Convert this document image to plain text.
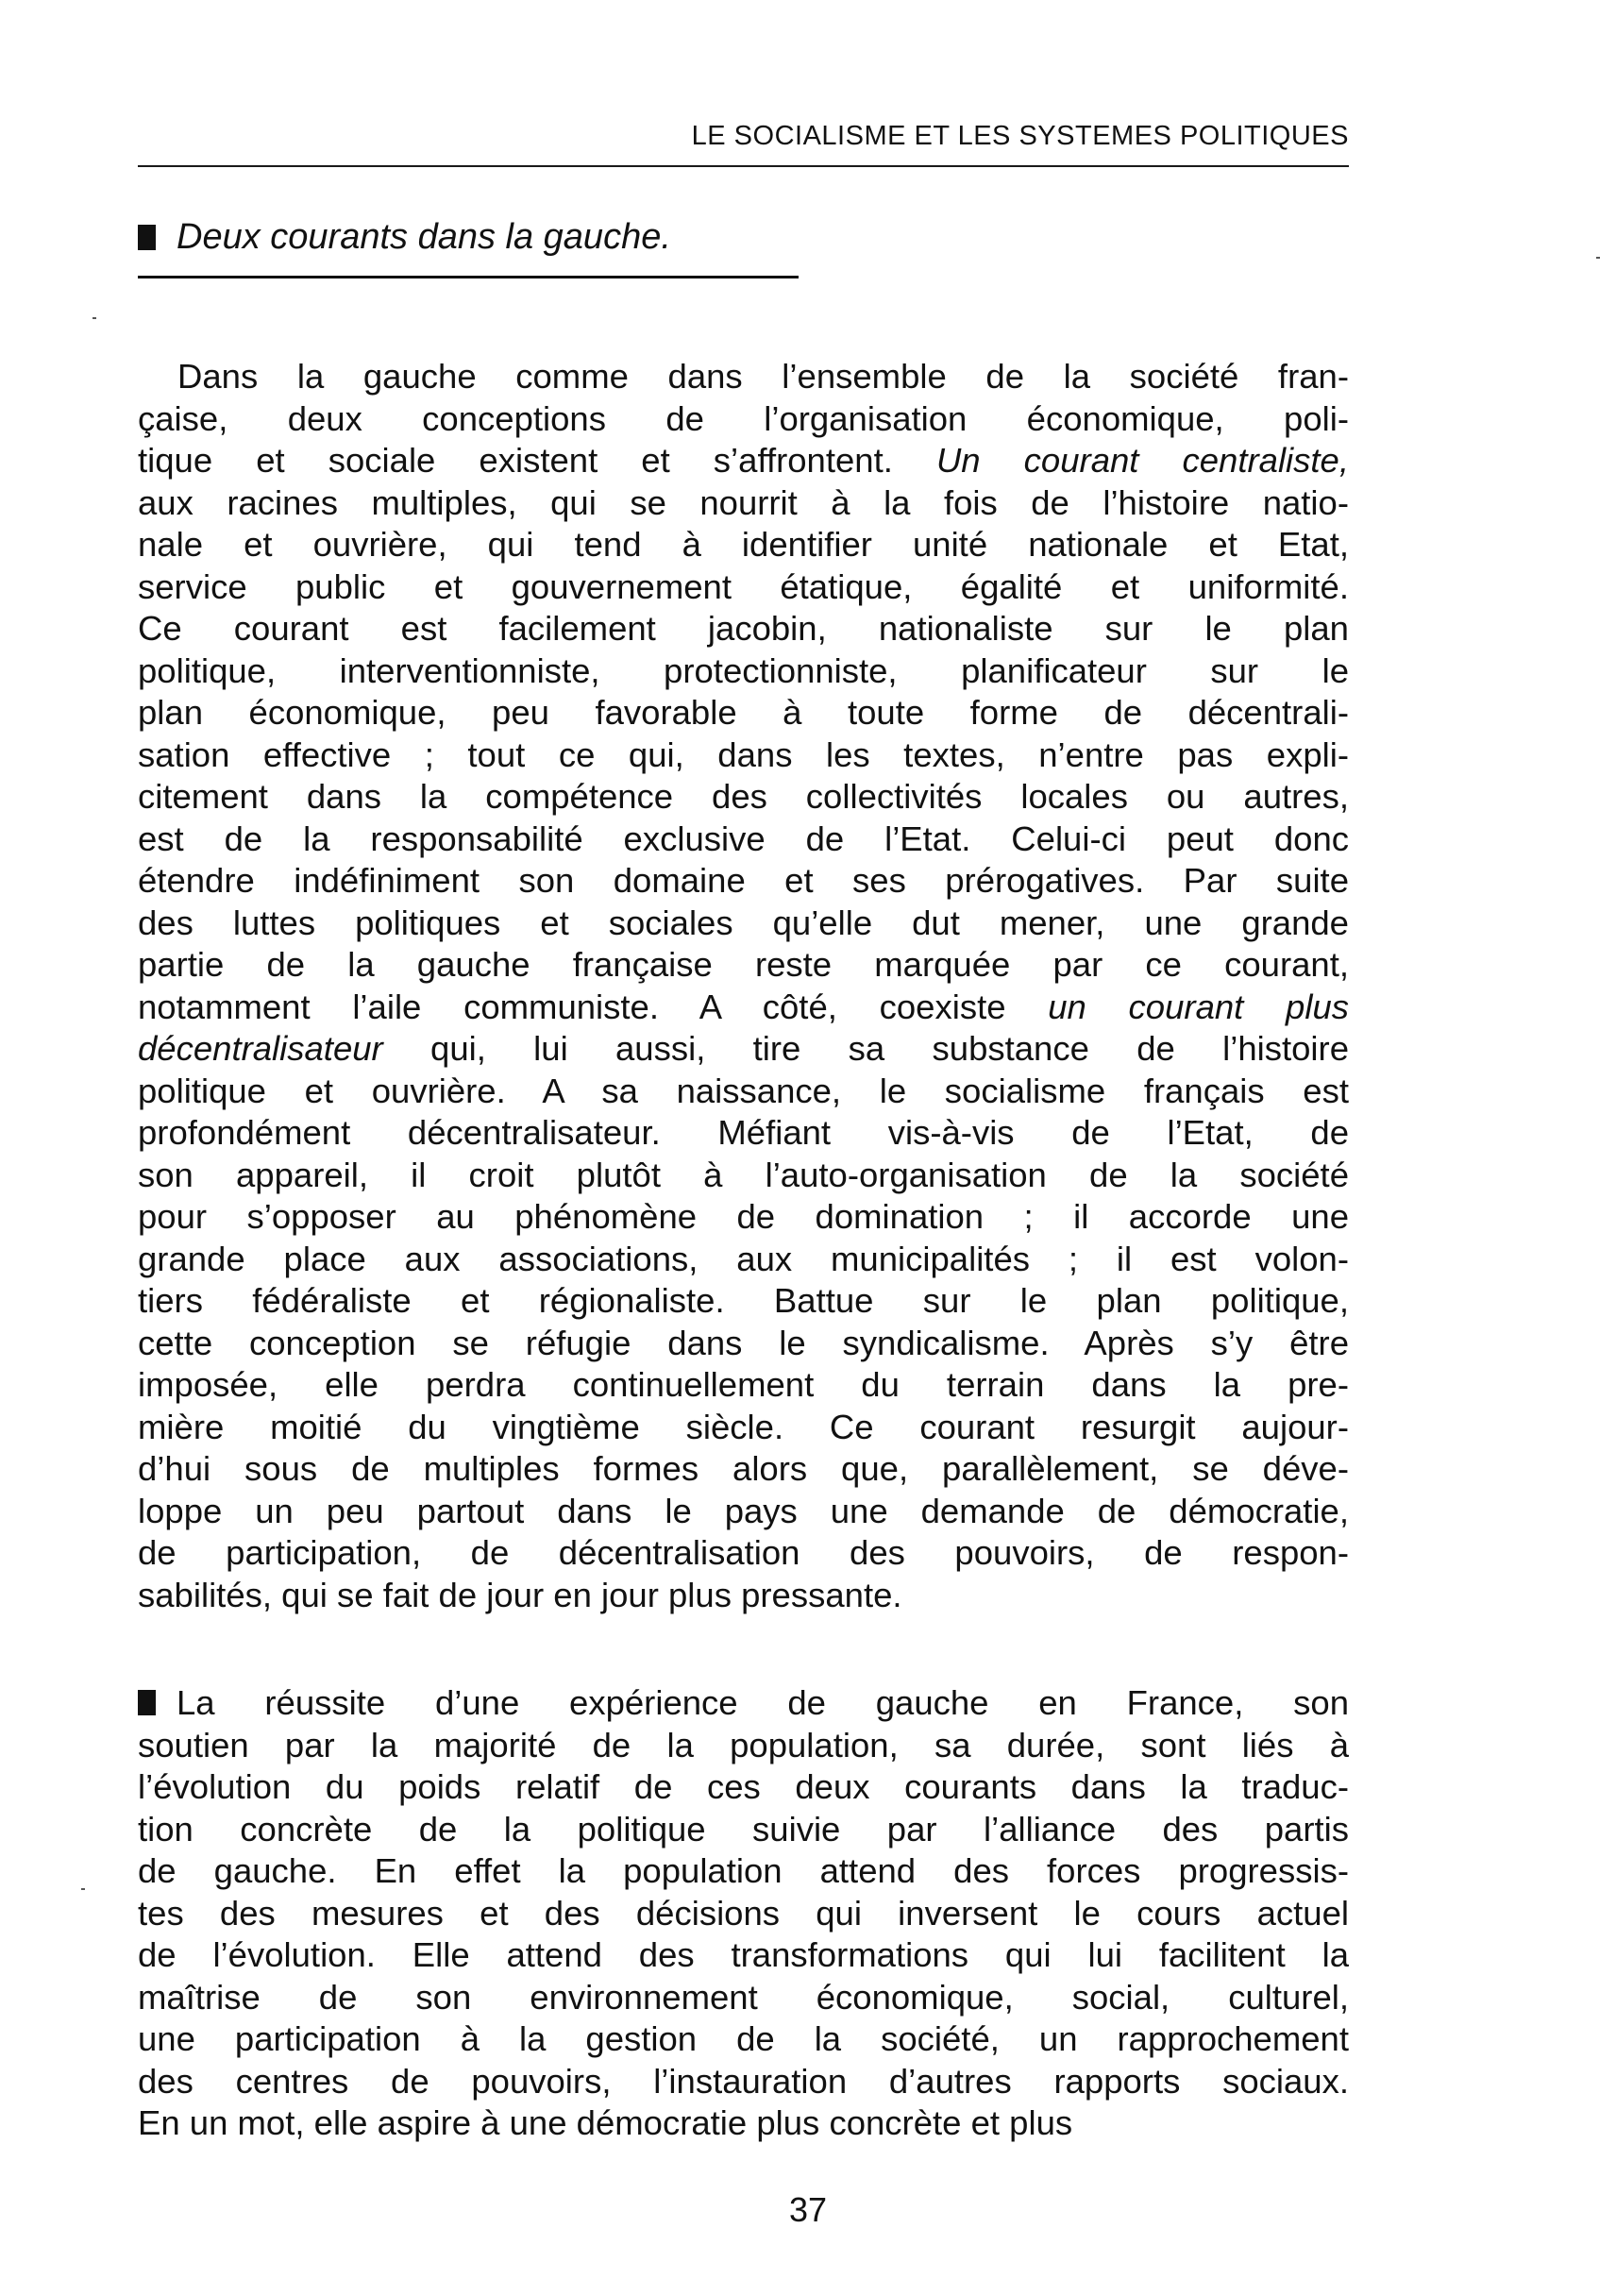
LE SOCIALISME ET LES SYSTEMES POLITIQUES
Deux courants dans la gauche.
Dans la gauche comme dans l’ensemble de la société fran-
çaise, deux conceptions de l’organisation économique, poli-
tique et sociale existent et s’affrontent. Un courant centraliste,
aux racines multiples, qui se nourrit à la fois de l’histoire natio-
nale et ouvrière, qui tend à identifier unité nationale et Etat,
service public et gouvernement étatique, égalité et uniformité.
Ce courant est facilement jacobin, nationaliste sur le plan
politique, interventionniste, protectionniste, planificateur sur le
plan économique, peu favorable à toute forme de décentrali-
sation effective ; tout ce qui, dans les textes, n’entre pas expli-
citement dans la compétence des collectivités locales ou autres,
est de la responsabilité exclusive de l’Etat. Celui-ci peut donc
étendre indéfiniment son domaine et ses prérogatives. Par suite
des luttes politiques et sociales qu’elle dut mener, une grande
partie de la gauche française reste marquée par ce courant,
notamment l’aile communiste. A côté, coexiste un courant plus
décentralisateur qui, lui aussi, tire sa substance de l’histoire
politique et ouvrière. A sa naissance, le socialisme français est
profondément décentralisateur. Méfiant vis-à-vis de l’Etat, de
son appareil, il croit plutôt à l’auto-organisation de la société
pour s’opposer au phénomène de domination ; il accorde une
grande place aux associations, aux municipalités ; il est volon-
tiers fédéraliste et régionaliste. Battue sur le plan politique,
cette conception se réfugie dans le syndicalisme. Après s’y être
imposée, elle perdra continuellement du terrain dans la pre-
mière moitié du vingtième siècle. Ce courant resurgit aujour-
d’hui sous de multiples formes alors que, parallèlement, se déve-
loppe un peu partout dans le pays une demande de démocratie,
de participation, de décentralisation des pouvoirs, de respon-
sabilités, qui se fait de jour en jour plus pressante.
La réussite d’une expérience de gauche en France, son
soutien par la majorité de la population, sa durée, sont liés à
l’évolution du poids relatif de ces deux courants dans la traduc-
tion concrète de la politique suivie par l’alliance des partis
de gauche. En effet la population attend des forces progressis-
tes des mesures et des décisions qui inversent le cours actuel
de l’évolution. Elle attend des transformations qui lui facilitent la
maîtrise de son environnement économique, social, culturel,
une participation à la gestion de la société, un rapprochement
des centres de pouvoirs, l’instauration d’autres rapports sociaux.
En un mot, elle aspire à une démocratie plus concrète et plus
37
